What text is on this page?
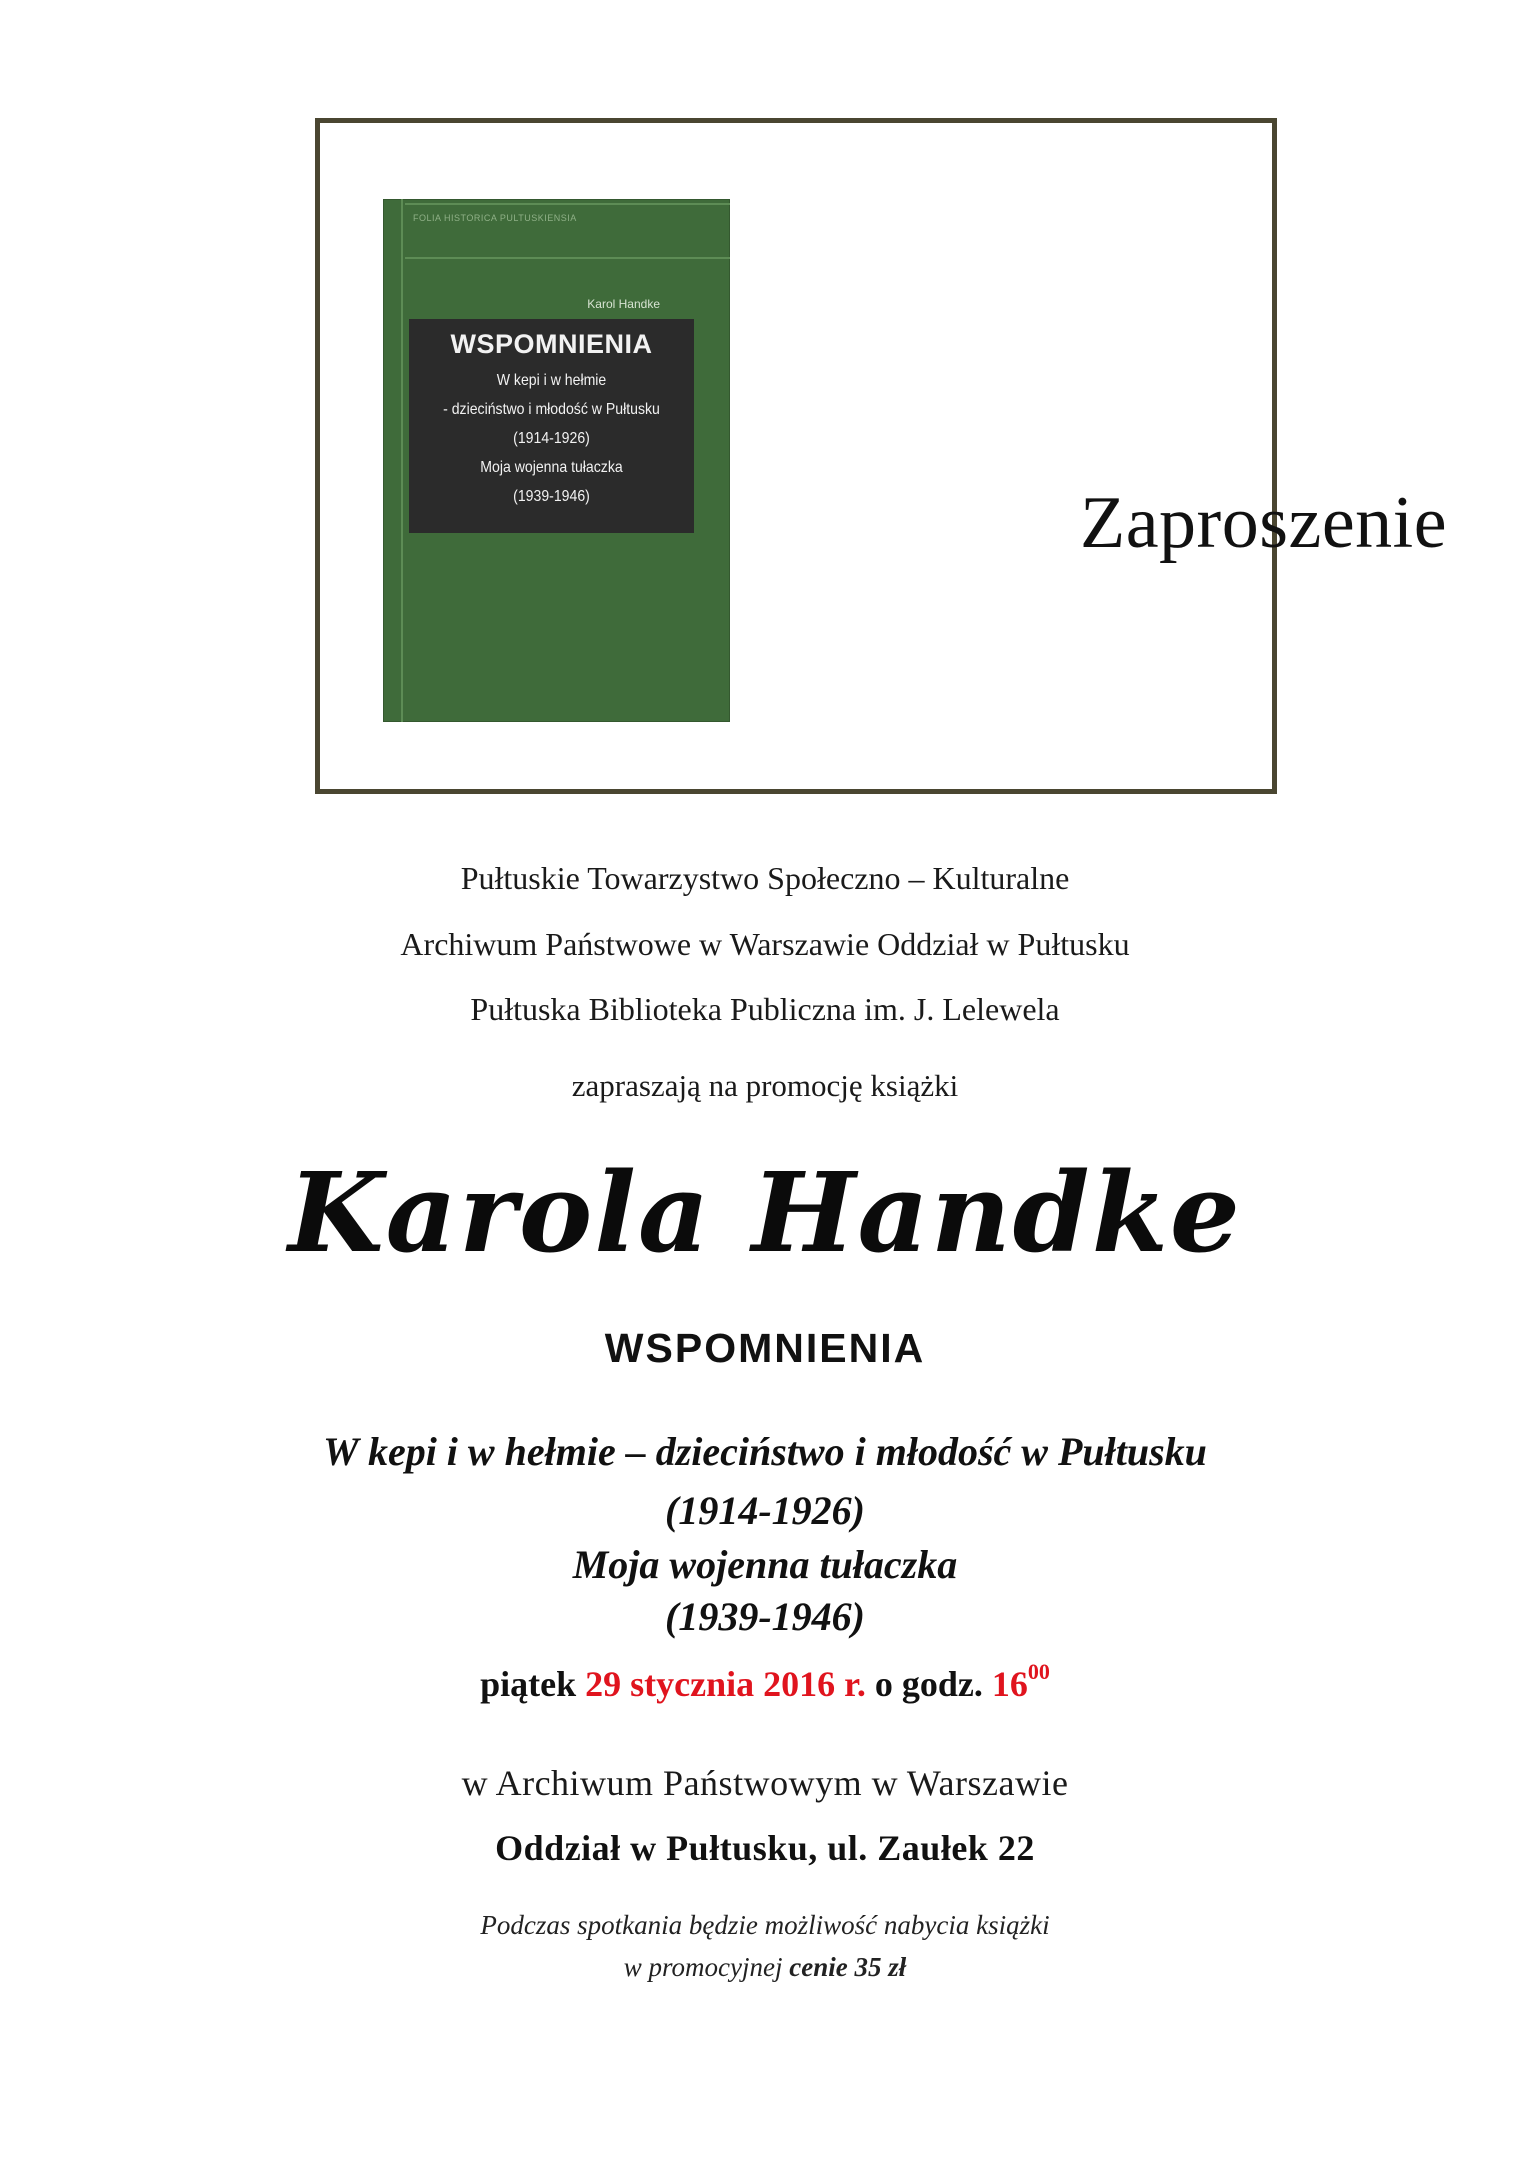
FOLIA HISTORICA PULTUSKIENSIA
Karol Handke
WSPOMNIENIA
W kepi i w hełmie
- dzieciństwo i młodość w Pułtusku
(1914-1926)
Moja wojenna tułaczka
(1939-1946)	Zaproszenie
Pułtuskie Towarzystwo Społeczno – Kulturalne
Archiwum Państwowe w Warszawie Oddział w Pułtusku
Pułtuska Biblioteka Publiczna im. J. Lelewela
zapraszają na promocję książki
Karola Handke
WSPOMNIENIA
W kepi i w hełmie – dzieciństwo i młodość w Pułtusku
(1914-1926)
Moja wojenna tułaczka
(1939-1946)
piątek 29 stycznia 2016 r. o godz. $16^{00}$
w Archiwum Państwowym w Warszawie
Oddział w Pułtusku, ul. Zaułek 22
Podczas spotkania będzie możliwość nabycia książki
w promocyjnej cenie 35 zł
